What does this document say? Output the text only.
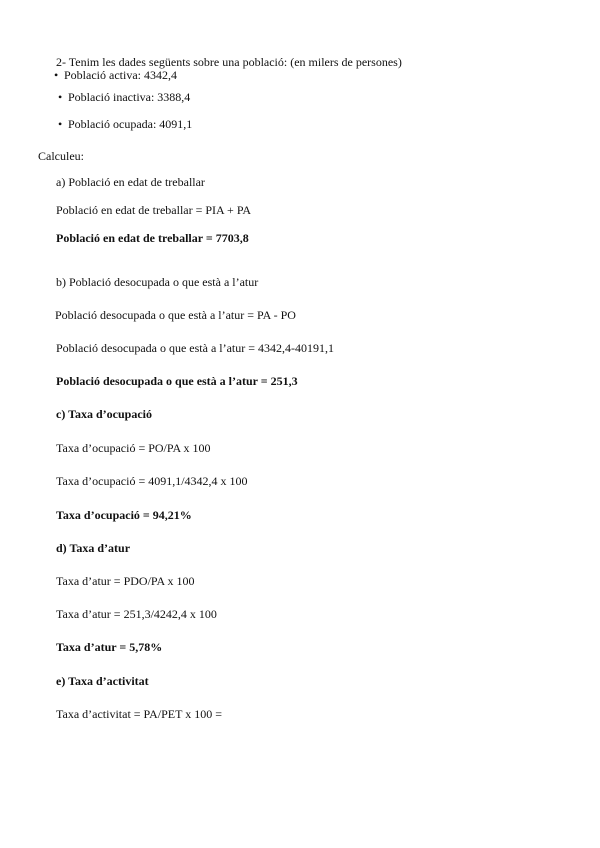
2- Tenim les dades següents sobre una població: (en milers de persones)
• Població activa: 4342,4
• Població inactiva: 3388,4
• Població ocupada: 4091,1
Calculeu:
a) Població en edat de treballar
Població en edat de treballar = PIA + PA
Població en edat de treballar = 7703,8
b) Població desocupada o que està a l’atur
Població desocupada o que està a l’atur = PA - PO
Població desocupada o que està a l’atur = 4342,4-40191,1
Població desocupada o que està a l’atur = 251,3
c) Taxa d’ocupació
Taxa d’ocupació = PO/PA x 100
Taxa d’ocupació = 4091,1/4342,4 x 100
Taxa d’ocupació = 94,21%
d) Taxa d’atur
Taxa d’atur = PDO/PA x 100
Taxa d’atur = 251,3/4242,4 x 100
Taxa d’atur = 5,78%
e) Taxa d’activitat
Taxa d’activitat = PA/PET x 100 =
